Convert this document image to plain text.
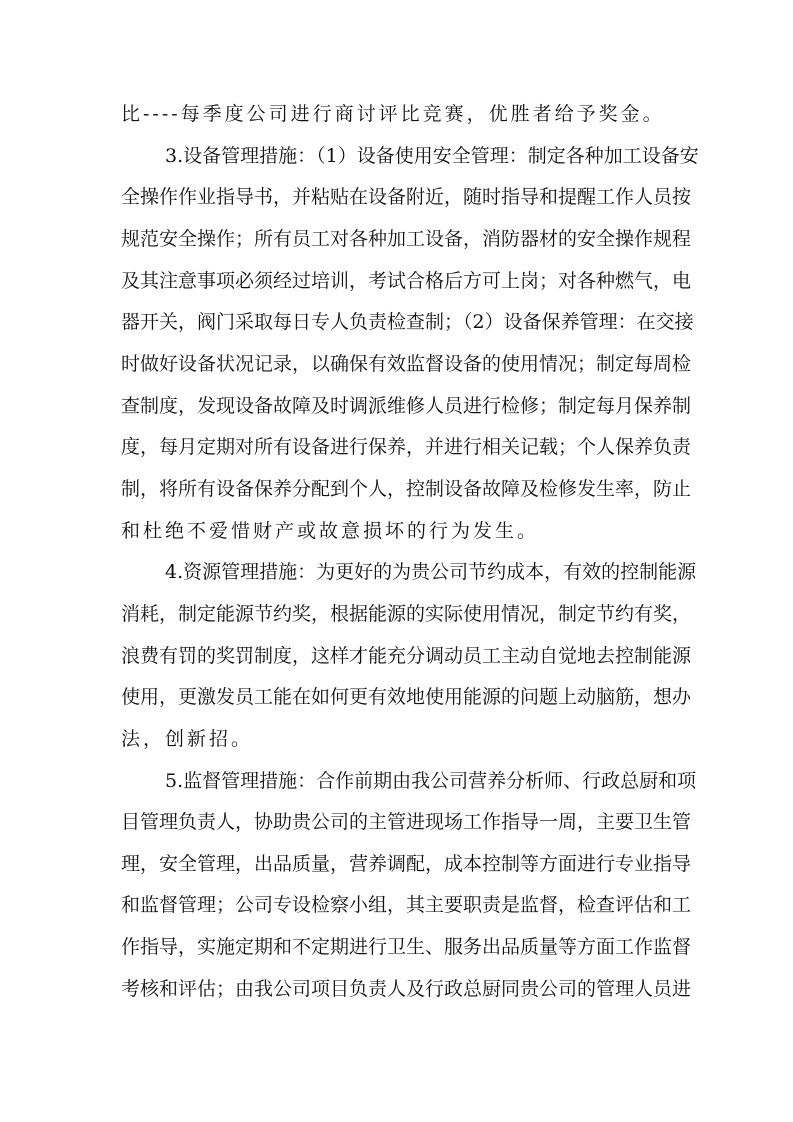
比----每季度公司进行商讨评比竞赛，优胜者给予奖金。
3.设备管理措施：（1）设备使用安全管理：制定各种加工设备安
全操作作业指导书，并粘贴在设备附近，随时指导和提醒工作人员按
规范安全操作；所有员工对各种加工设备，消防器材的安全操作规程
及其注意事项必须经过培训，考试合格后方可上岗；对各种燃气，电
器开关，阀门采取每日专人负责检查制；（2）设备保养管理：在交接
时做好设备状况记录，以确保有效监督设备的使用情况；制定每周检
查制度，发现设备故障及时调派维修人员进行检修；制定每月保养制
度，每月定期对所有设备进行保养，并进行相关记载；个人保养负责
制，将所有设备保养分配到个人，控制设备故障及检修发生率，防止
和杜绝不爱惜财产或故意损坏的行为发生。
4.资源管理措施：为更好的为贵公司节约成本，有效的控制能源
消耗，制定能源节约奖，根据能源的实际使用情况，制定节约有奖，
浪费有罚的奖罚制度，这样才能充分调动员工主动自觉地去控制能源
使用，更激发员工能在如何更有效地使用能源的问题上动脑筋，想办
法，创新招。
5.监督管理措施：合作前期由我公司营养分析师、行政总厨和项
目管理负责人，协助贵公司的主管进现场工作指导一周，主要卫生管
理，安全管理，出品质量，营养调配，成本控制等方面进行专业指导
和监督管理；公司专设检察小组，其主要职责是监督，检查评估和工
作指导，实施定期和不定期进行卫生、服务出品质量等方面工作监督
考核和评估；由我公司项目负责人及行政总厨同贵公司的管理人员进
